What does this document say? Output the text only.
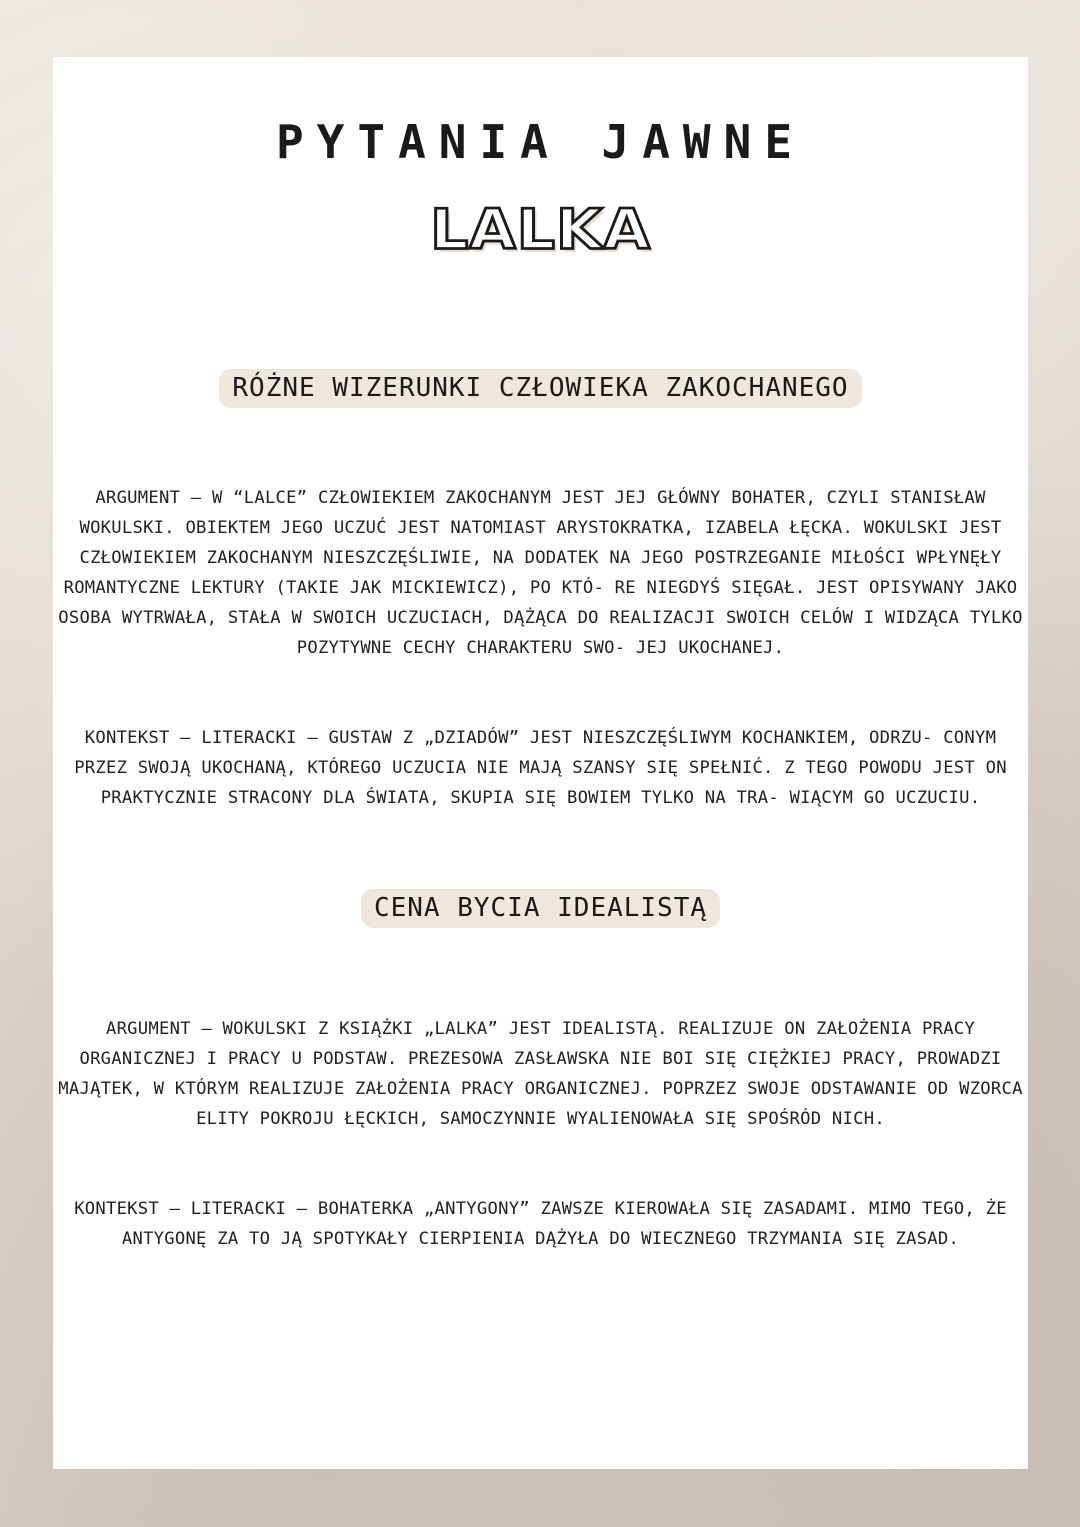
PYTANIA JAWNE
LALKA
RÓŻNE WIZERUNKI CZŁOWIEKA ZAKOCHANEGO

ARGUMENT – W “LALCE” CZŁOWIEKIEM ZAKOCHANYM JEST JEJ GŁÓWNY BOHATER, CZYLI STANISŁAW WOKULSKI. OBIEKTEM JEGO UCZUĆ JEST NATOMIAST ARYSTOKRATKA, IZABELA ŁĘCKA. WOKULSKI JEST CZŁOWIEKIEM ZAKOCHANYM NIESZCZĘŚLIWIE, NA DODATEK NA JEGO POSTRZEGANIE MIŁOŚCI WPŁYNĘŁY ROMANTYCZNE LEKTURY (TAKIE JAK MICKIEWICZ), PO KTÓ- RE NIEGDYŚ SIĘGAŁ. JEST OPISYWANY JAKO OSOBA WYTRWAŁA, STAŁA W SWOICH UCZUCIACH, DĄŻĄCA DO REALIZACJI SWOICH CELÓW I WIDZĄCA TYLKO POZYTYWNE CECHY CHARAKTERU SWO- JEJ UKOCHANEJ.

KONTEKST – LITERACKI – GUSTAW Z „DZIADÓW” JEST NIESZCZĘŚLIWYM KOCHANKIEM, ODRZU- CONYM PRZEZ SWOJĄ UKOCHANĄ, KTÓREGO UCZUCIA NIE MAJĄ SZANSY SIĘ SPEŁNIĆ. Z TEGO POWODU JEST ON PRAKTYCZNIE STRACONY DLA ŚWIATA, SKUPIA SIĘ BOWIEM TYLKO NA TRA- WIĄCYM GO UCZUCIU.

CENA BYCIA IDEALISTĄ

ARGUMENT – WOKULSKI Z KSIĄŻKI „LALKA” JEST IDEALISTĄ. REALIZUJE ON ZAŁOŻENIA PRACY ORGANICZNEJ I PRACY U PODSTAW. PREZESOWA ZASŁAWSKA NIE BOI SIĘ CIĘŻKIEJ PRACY, PROWADZI MAJĄTEK, W KTÓRYM REALIZUJE ZAŁOŻENIA PRACY ORGANICZNEJ. POPRZEZ SWOJE ODSTAWANIE OD WZORCA ELITY POKROJU ŁĘCKICH, SAMOCZYNNIE WYALIENOWAŁA SIĘ SPOŚRÓD NICH.

KONTEKST – LITERACKI – BOHATERKA „ANTYGONY” ZAWSZE KIEROWAŁA SIĘ ZASADAMI. MIMO TEGO, ŻE ANTYGONĘ ZA TO JĄ SPOTYKAŁY CIERPIENIA DĄŻYŁA DO WIECZNEGO TRZYMANIA SIĘ ZASAD.
